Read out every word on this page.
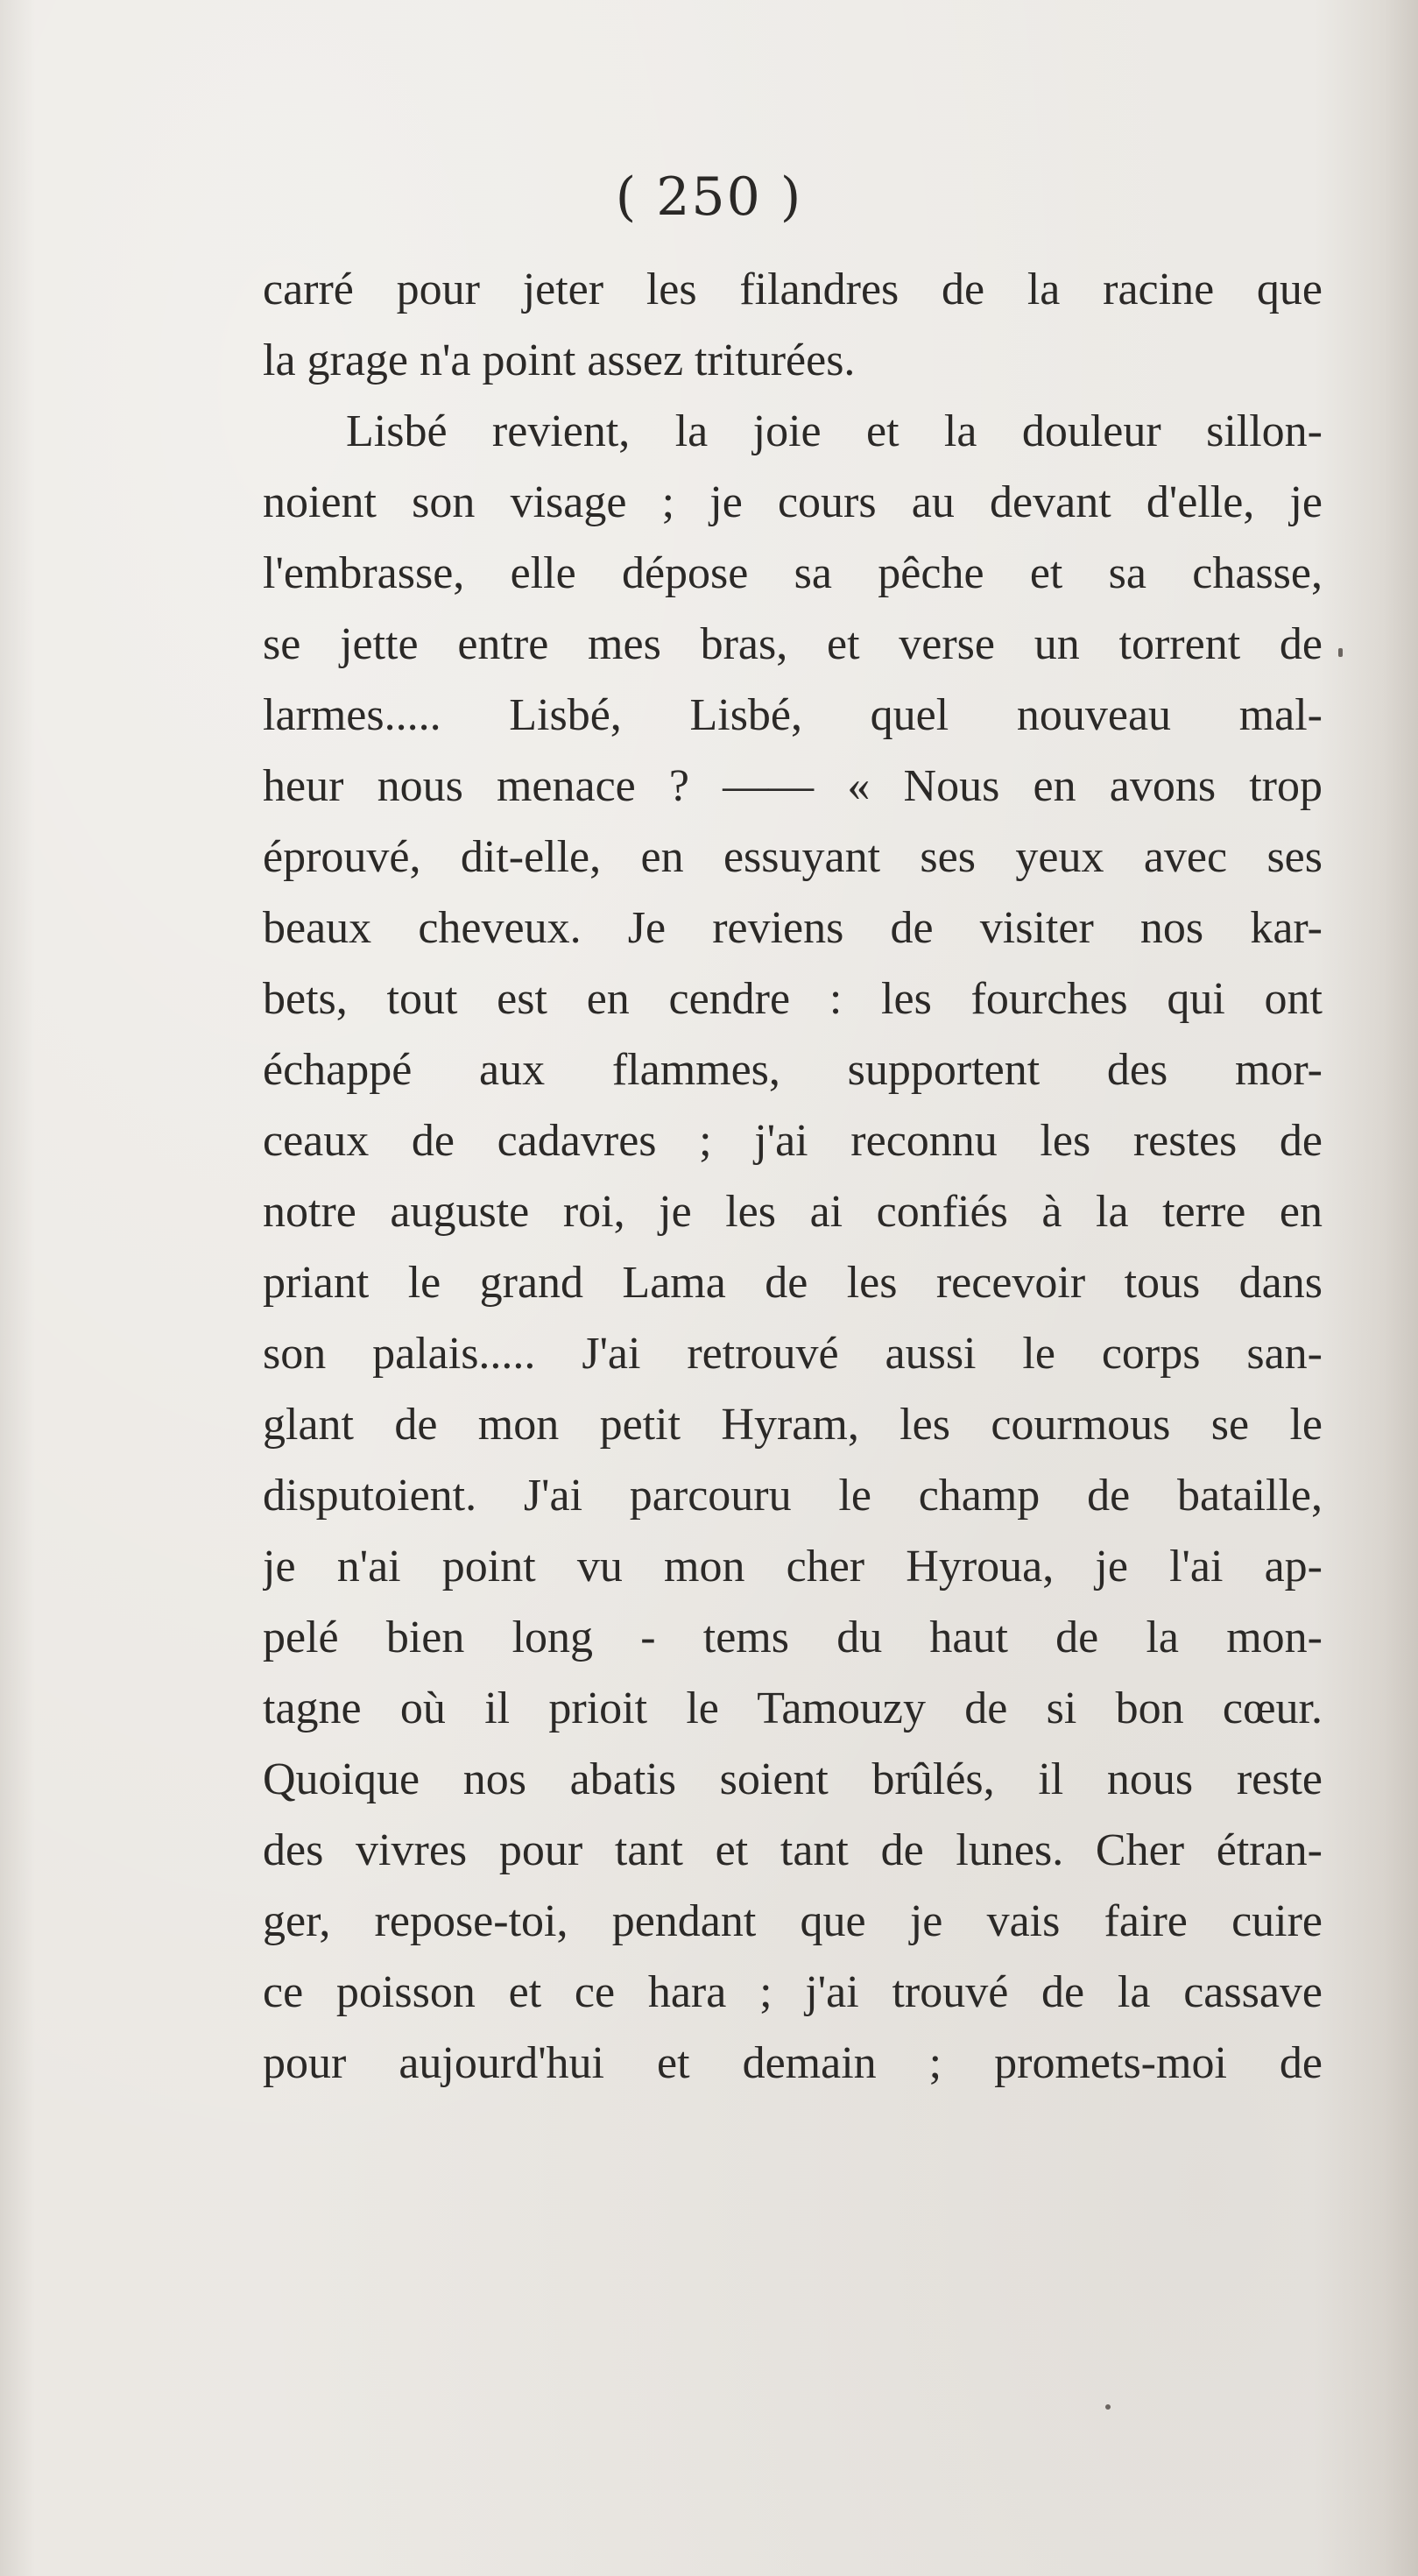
( 250 )
carré pour jeter les filandres de la racine que
la grage n'a point assez triturées.
Lisbé revient, la joie et la douleur sillon-
noient son visage ; je cours au devant d'elle, je
l'embrasse, elle dépose sa pêche et sa chasse,
se jette entre mes bras, et verse un torrent de
larmes..... Lisbé, Lisbé, quel nouveau mal-
heur nous menace ? —— « Nous en avons trop
éprouvé, dit-elle, en essuyant ses yeux avec ses
beaux cheveux. Je reviens de visiter nos kar-
bets, tout est en cendre : les fourches qui ont
échappé aux flammes, supportent des mor-
ceaux de cadavres ; j'ai reconnu les restes de
notre auguste roi, je les ai confiés à la terre en
priant le grand Lama de les recevoir tous dans
son palais..... J'ai retrouvé aussi le corps san-
glant de mon petit Hyram, les courmous se le
disputoient. J'ai parcouru le champ de bataille,
je n'ai point vu mon cher Hyroua, je l'ai ap-
pelé bien long - tems du haut de la mon-
tagne où il prioit le Tamouzy de si bon cœur.
Quoique nos abatis soient brûlés, il nous reste
des vivres pour tant et tant de lunes. Cher étran-
ger, repose-toi, pendant que je vais faire cuire
ce poisson et ce hara ; j'ai trouvé de la cassave
pour aujourd'hui et demain ; promets-moi de
